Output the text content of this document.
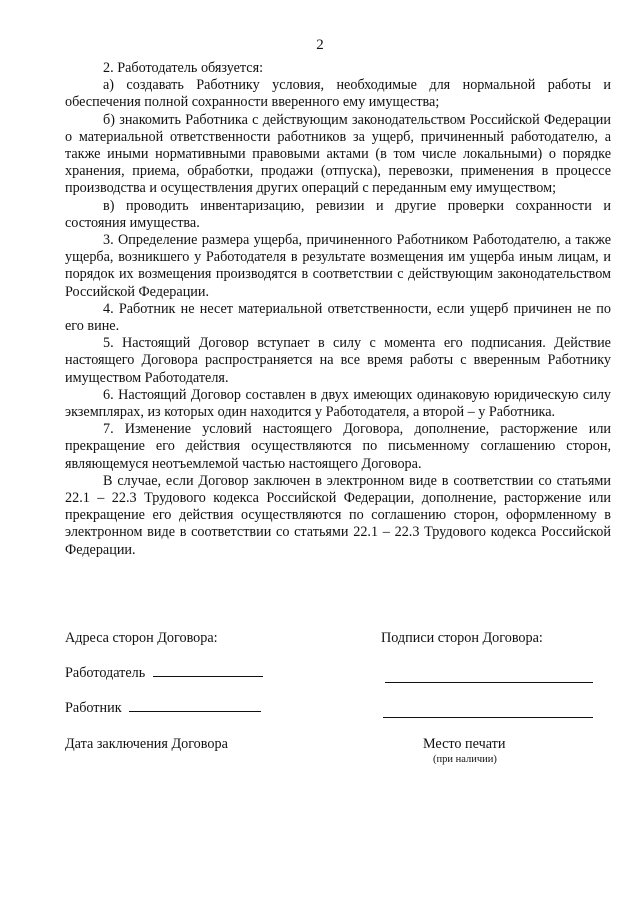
2

2. Работодатель обязуется:

а) создавать Работнику условия, необходимые для нормальной работы и обеспечения полной сохранности вверенного ему имущества;

б) знакомить Работника с действующим законодательством Российской Федерации о материальной ответственности работников за ущерб, причиненный работодателю, а также иными нормативными правовыми актами (в том числе локальными) о порядке хранения, приема, обработки, продажи (отпуска), перевозки, применения в процессе производства и осуществления других операций с переданным ему имуществом;

в) проводить инвентаризацию, ревизии и другие проверки сохранности и состояния имущества.

3. Определение размера ущерба, причиненного Работником Работодателю, а также ущерба, возникшего у Работодателя в результате возмещения им ущерба иным лицам, и порядок их возмещения производятся в соответствии с действующим законодательством Российской Федерации.

4. Работник не несет материальной ответственности, если ущерб причинен не по его вине.

5. Настоящий Договор вступает в силу с момента его подписания. Действие настоящего Договора распространяется на все время работы с вверенным Работнику имуществом Работодателя.

6. Настоящий Договор составлен в двух имеющих одинаковую юридическую силу экземплярах, из которых один находится у Работодателя, а второй – у Работника.

7. Изменение условий настоящего Договора, дополнение, расторжение или прекращение его действия осуществляются по письменному соглашению сторон, являющемуся неотъемлемой частью настоящего Договора.

В случае, если Договор заключен в электронном виде в соответствии со статьями 22.1 – 22.3 Трудового кодекса Российской Федерации, дополнение, расторжение или прекращение его действия осуществляются по соглашению сторон, оформленному в электронном виде в соответствии со статьями 22.1 – 22.3 Трудового кодекса Российской Федерации.

Адреса сторон Договора:	Подписи сторон Договора:
Работодатель
Работник
Дата заключения Договора	Место печати
(при наличии)
